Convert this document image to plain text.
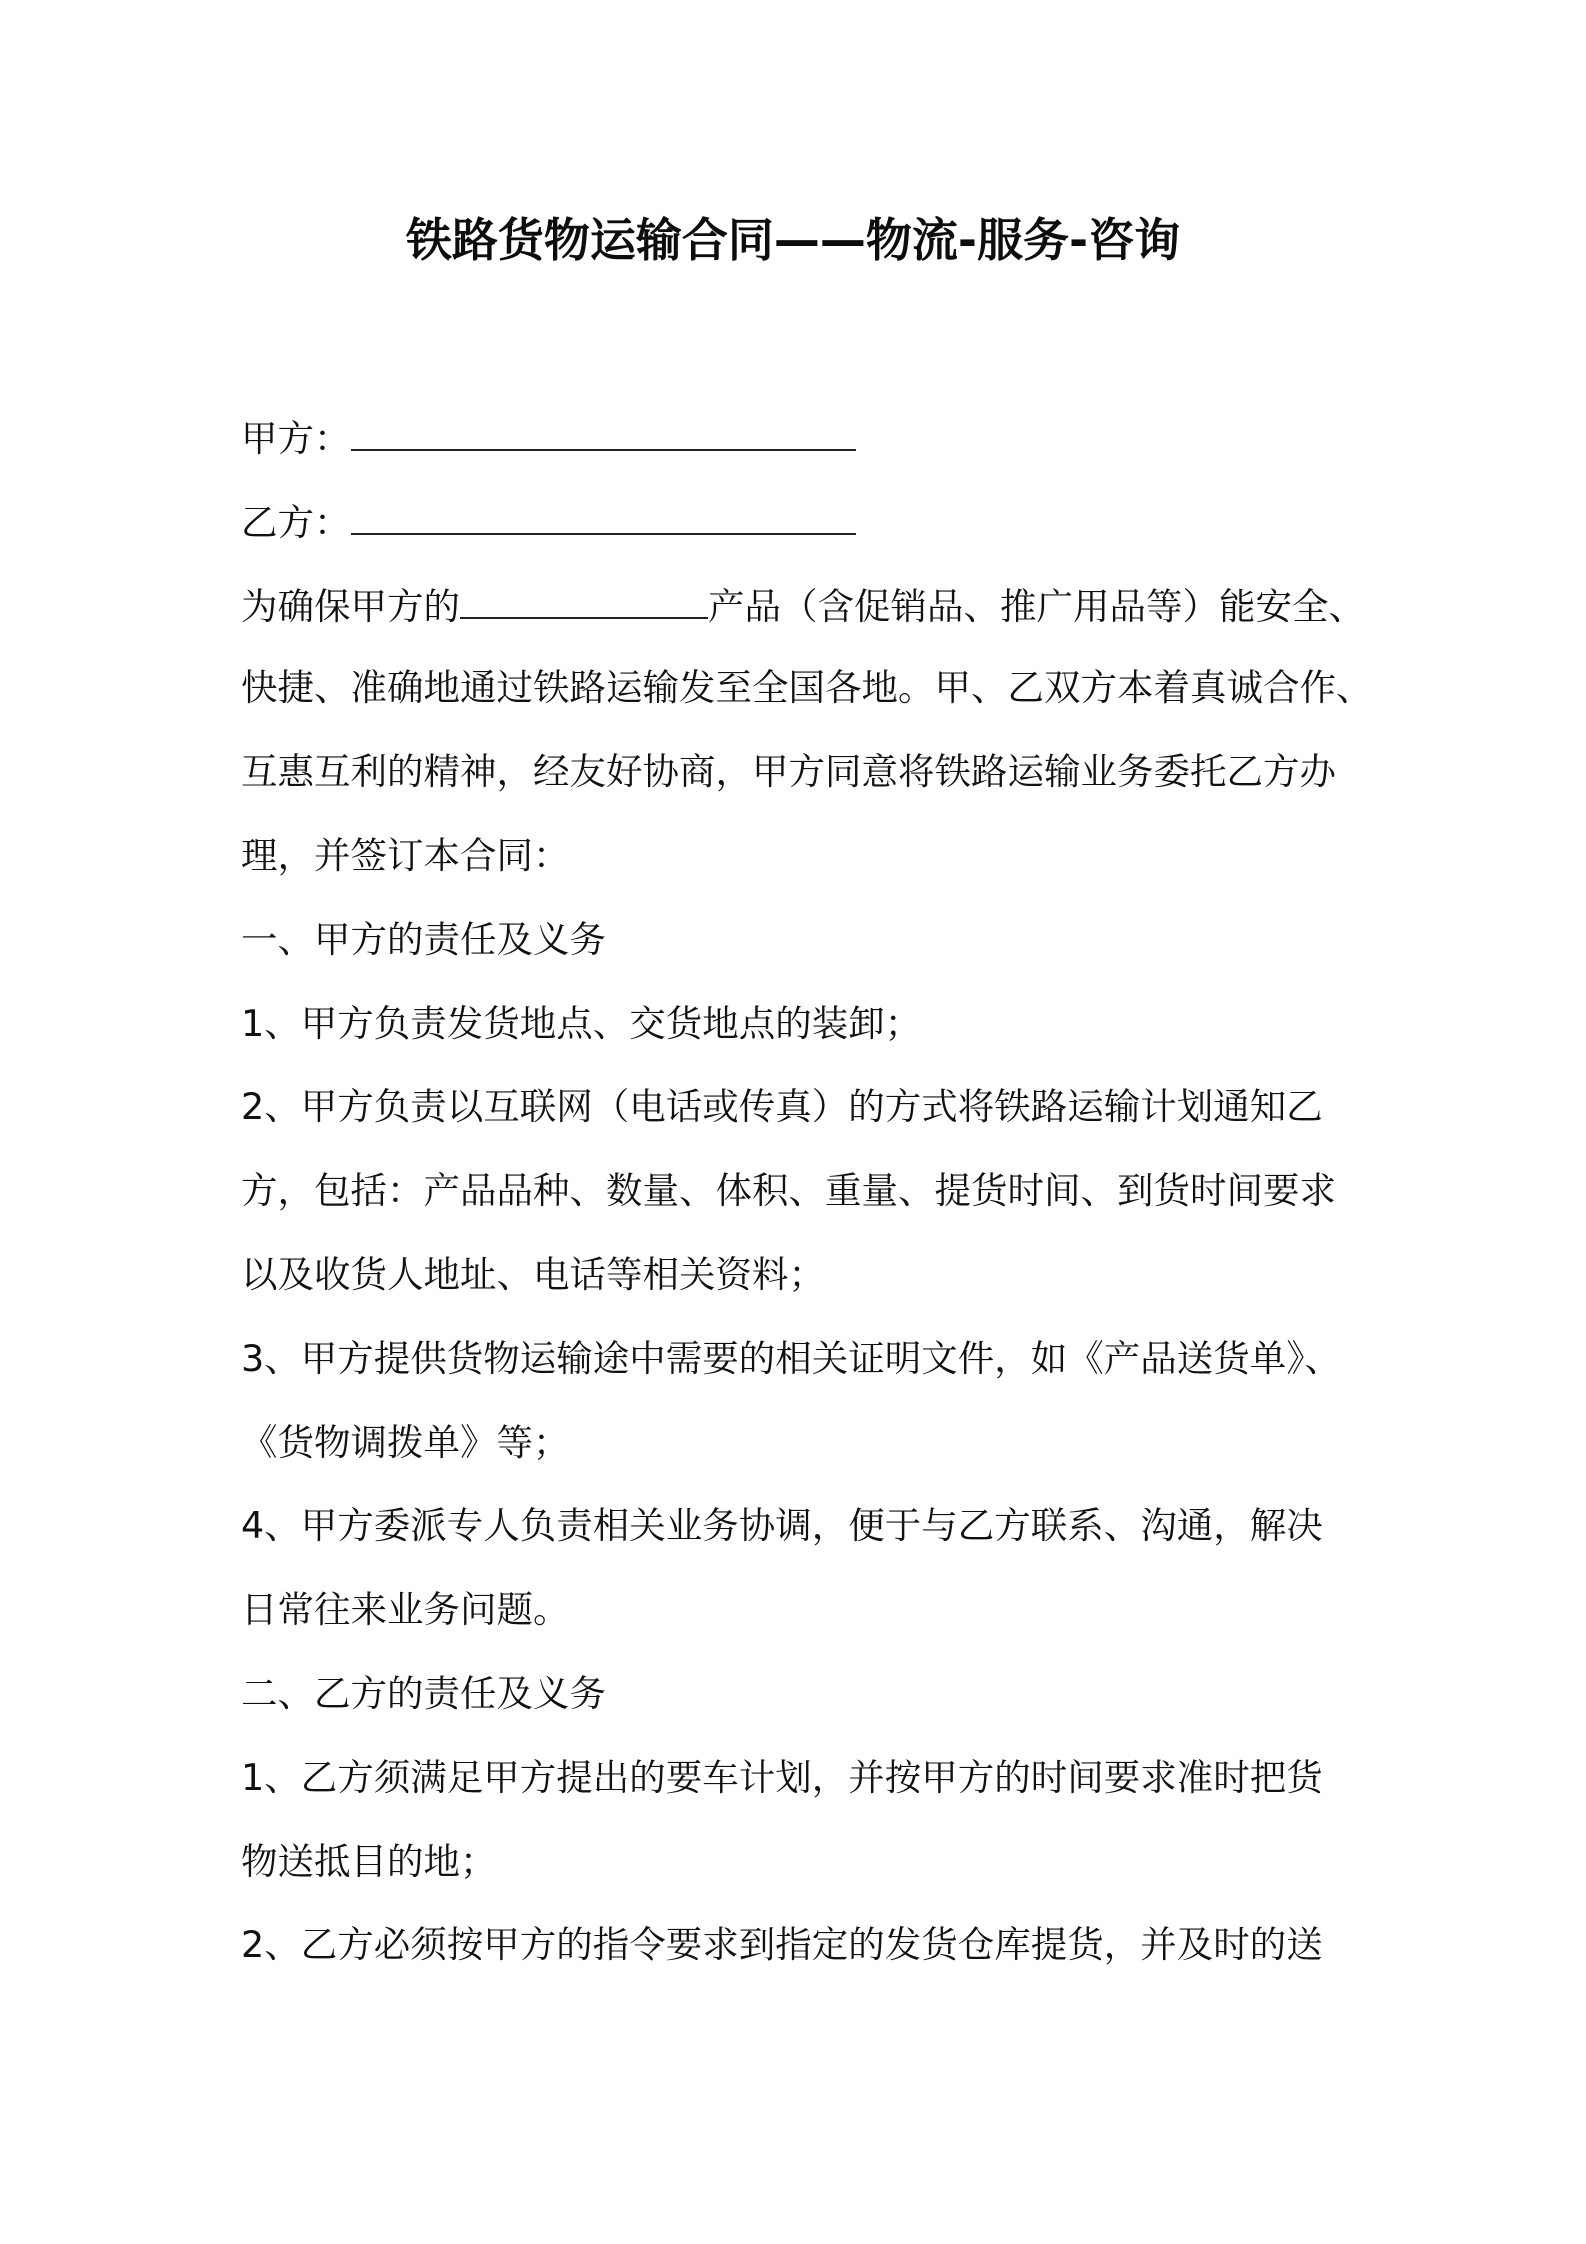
铁路货物运输合同——物流-服务-咨询
甲方：
乙方：
为确保甲方的	产品（含促销品、推广用品等）能安全、
快捷、准确地通过铁路运输发至全国各地。甲、乙双方本着真诚合作、
互惠互利的精神，经友好协商，甲方同意将铁路运输业务委托乙方办
理，并签订本合同：
一、甲方的责任及义务
1、甲方负责发货地点、交货地点的装卸；
2、甲方负责以互联网（电话或传真）的方式将铁路运输计划通知乙
方，包括：产品品种、数量、体积、重量、提货时间、到货时间要求
以及收货人地址、电话等相关资料；
3、甲方提供货物运输途中需要的相关证明文件，如《产品送货单》、
《货物调拨单》等；
4、甲方委派专人负责相关业务协调，便于与乙方联系、沟通，解决
日常往来业务问题。
二、乙方的责任及义务
1、乙方须满足甲方提出的要车计划，并按甲方的时间要求准时把货
物送抵目的地；
2、乙方必须按甲方的指令要求到指定的发货仓库提货，并及时的送
